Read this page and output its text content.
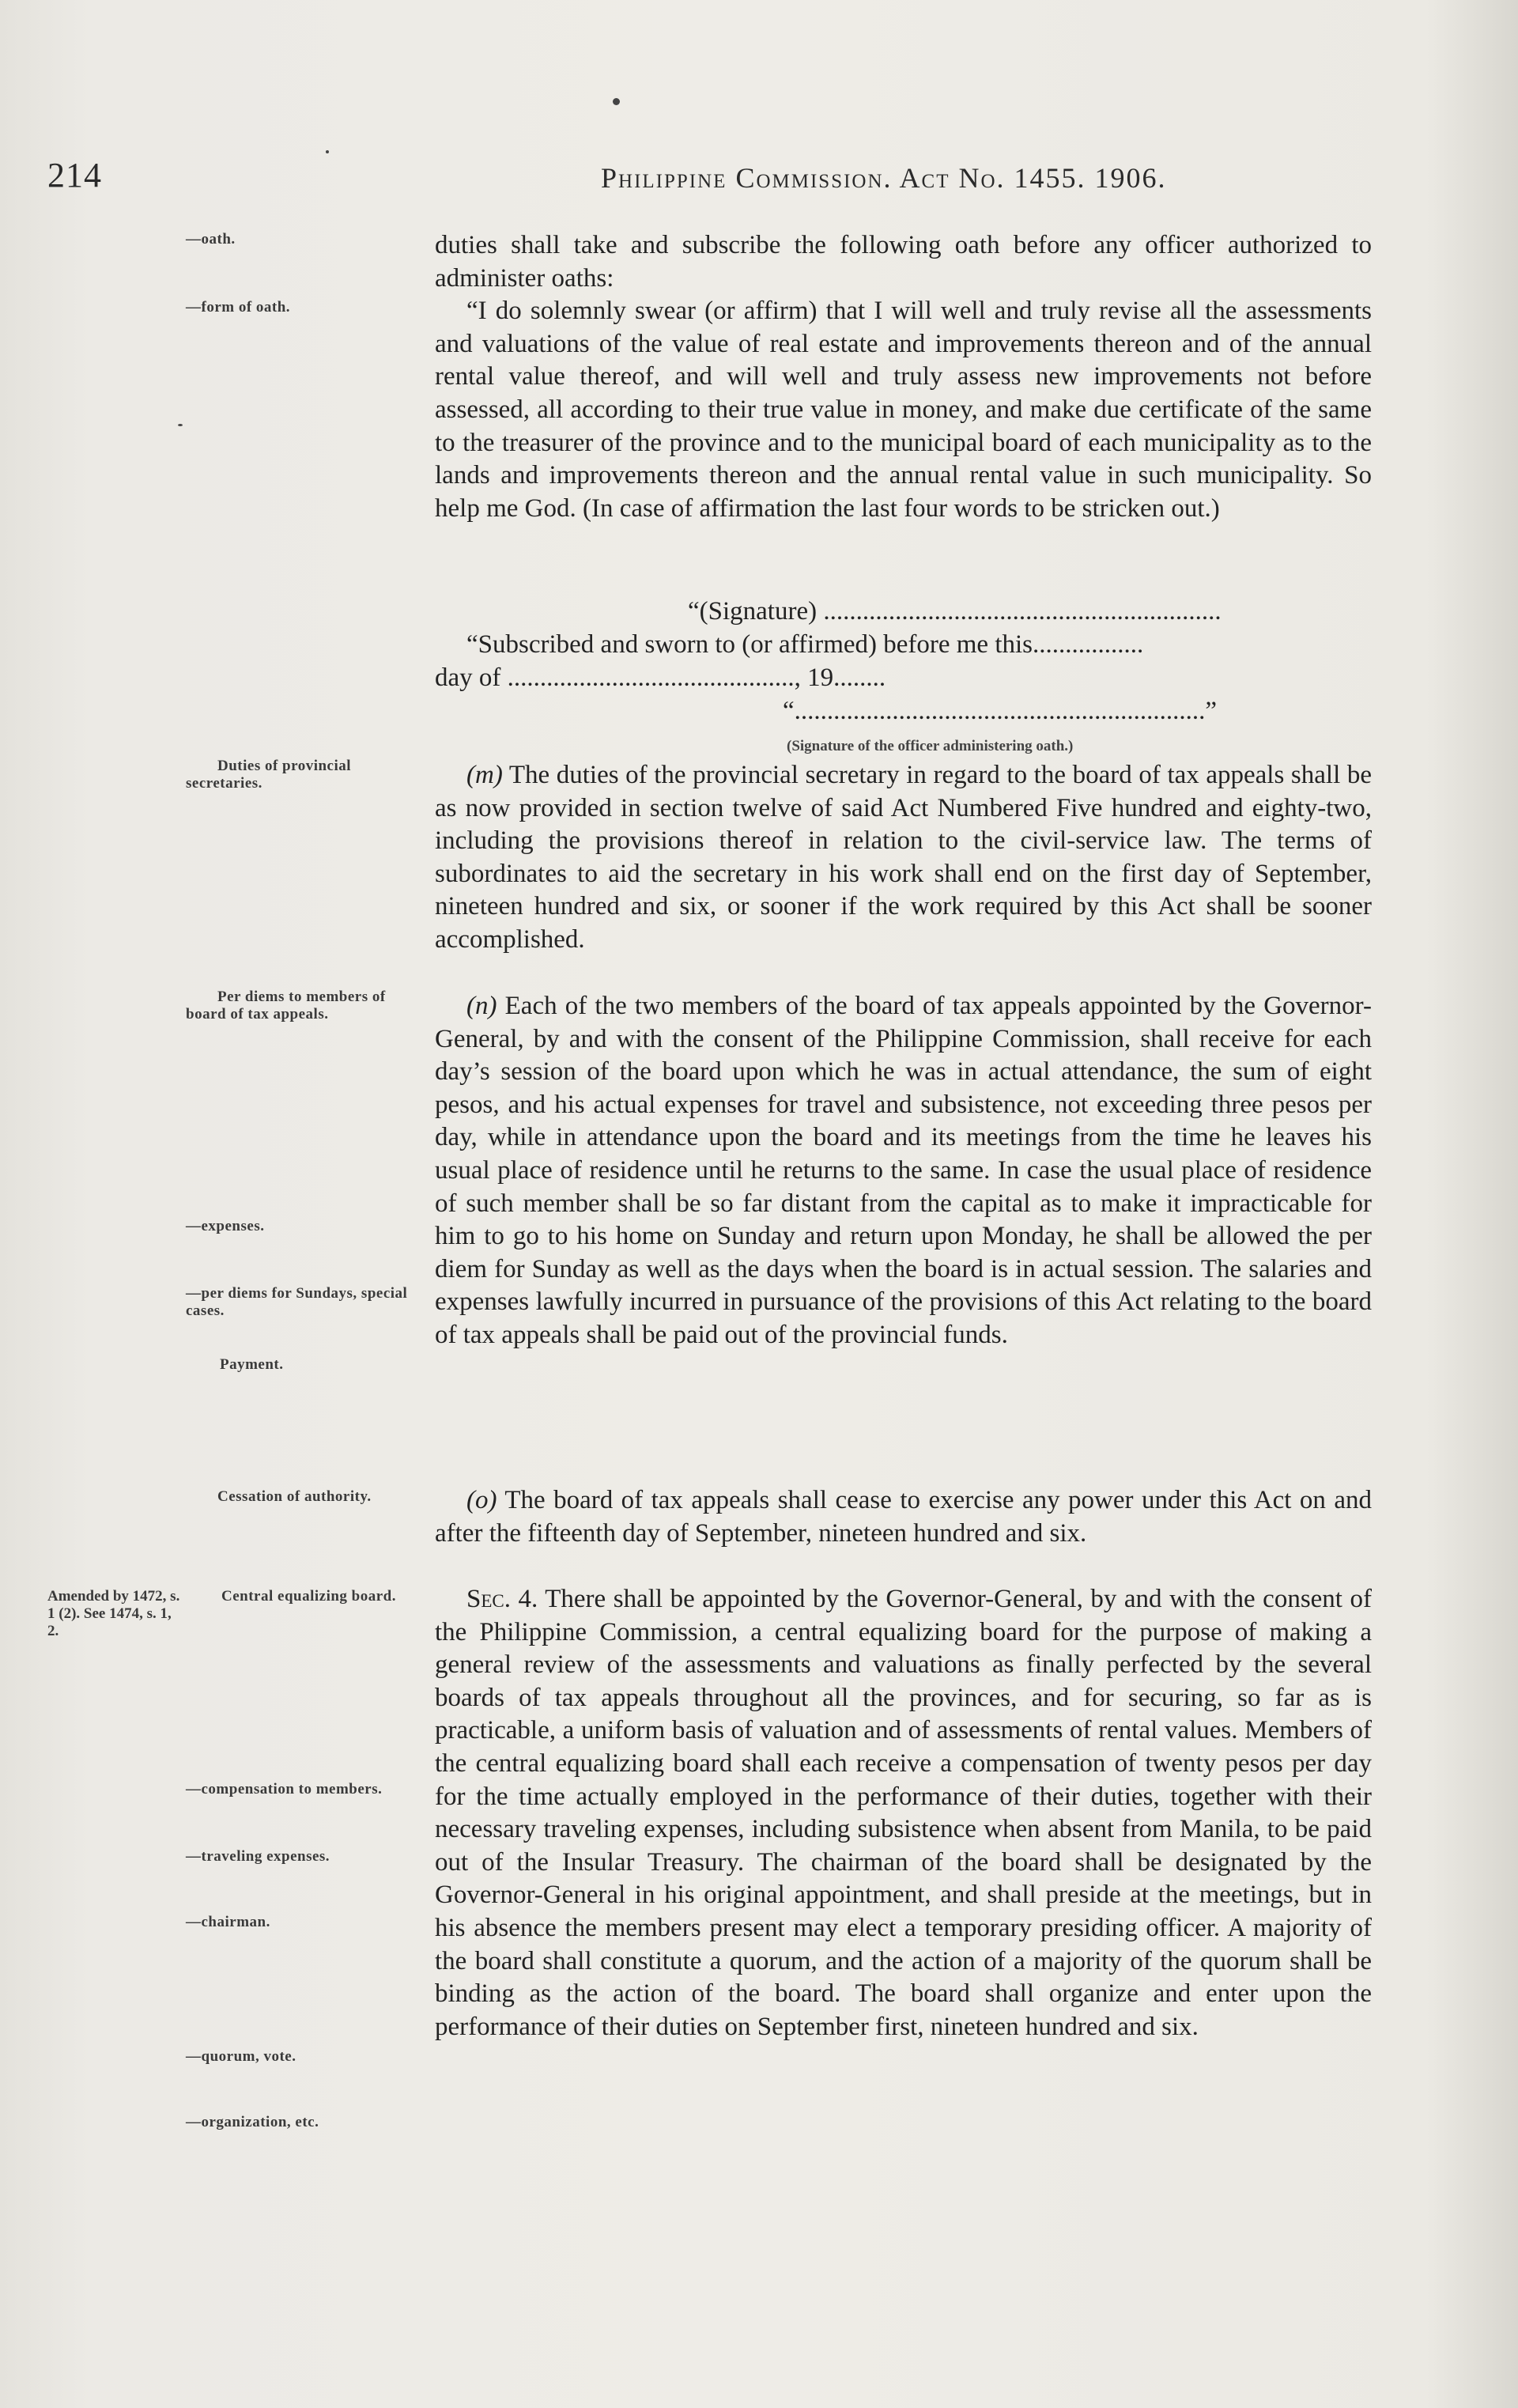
214	Philippine Commission. Act No. 1455. 1906.
—oath.
—form of oath.
Duties of provincial secretaries.
Per diems to members of board of tax appeals.
—expenses.
—per diems for Sundays, special cases.
Payment.
Cessation of authority.
Amended by 1472, s. 1 (2). See 1474, s. 1, 2.
Central equalizing board.
—compensation to members.
—traveling expenses.
—chairman.
—quorum, vote.
—organization, etc.

duties shall take and subscribe the following oath before any officer authorized to administer oaths:

“I do solemnly swear (or affirm) that I will well and truly revise all the assessments and valuations of the value of real estate and improvements thereon and of the annual rental value thereof, and will well and truly assess new improvements not before assessed, all according to their true value in money, and make due certificate of the same to the treasurer of the province and to the municipal board of each municipality as to the lands and improvements thereon and the annual rental value in such municipality. So help me God. (In case of affirmation the last four words to be stricken out.)

“(Signature) .............................................................
“Subscribed and sworn to (or affirmed) before me this.................
day of ............................................, 19........
“...............................................................”
(Signature of the officer administering oath.)

(m) The duties of the provincial secretary in regard to the board of tax appeals shall be as now provided in section twelve of said Act Numbered Five hundred and eighty-two, including the provisions thereof in relation to the civil-service law. The terms of subordinates to aid the secretary in his work shall end on the first day of September, nineteen hundred and six, or sooner if the work required by this Act shall be sooner accomplished.

(n) Each of the two members of the board of tax appeals appointed by the Governor-General, by and with the consent of the Philippine Commission, shall receive for each day’s session of the board upon which he was in actual attendance, the sum of eight pesos, and his actual expenses for travel and subsistence, not exceeding three pesos per day, while in attendance upon the board and its meetings from the time he leaves his usual place of residence until he returns to the same. In case the usual place of residence of such member shall be so far distant from the capital as to make it impracticable for him to go to his home on Sunday and return upon Monday, he shall be allowed the per diem for Sunday as well as the days when the board is in actual session. The salaries and expenses lawfully incurred in pursuance of the provisions of this Act relating to the board of tax appeals shall be paid out of the provincial funds.

(o) The board of tax appeals shall cease to exercise any power under this Act on and after the fifteenth day of September, nineteen hundred and six.

Sec. 4. There shall be appointed by the Governor-General, by and with the consent of the Philippine Commission, a central equalizing board for the purpose of making a general review of the assessments and valuations as finally perfected by the several boards of tax appeals throughout all the provinces, and for securing, so far as is practicable, a uniform basis of valuation and of assessments of rental values. Members of the central equalizing board shall each receive a compensation of twenty pesos per day for the time actually employed in the performance of their duties, together with their necessary traveling expenses, including subsistence when absent from Manila, to be paid out of the Insular Treasury. The chairman of the board shall be designated by the Governor-General in his original appointment, and shall preside at the meetings, but in his absence the members present may elect a temporary presiding officer. A majority of the board shall constitute a quorum, and the action of a majority of the quorum shall be binding as the action of the board. The board shall organize and enter upon the performance of their duties on September first, nineteen hundred and six.
